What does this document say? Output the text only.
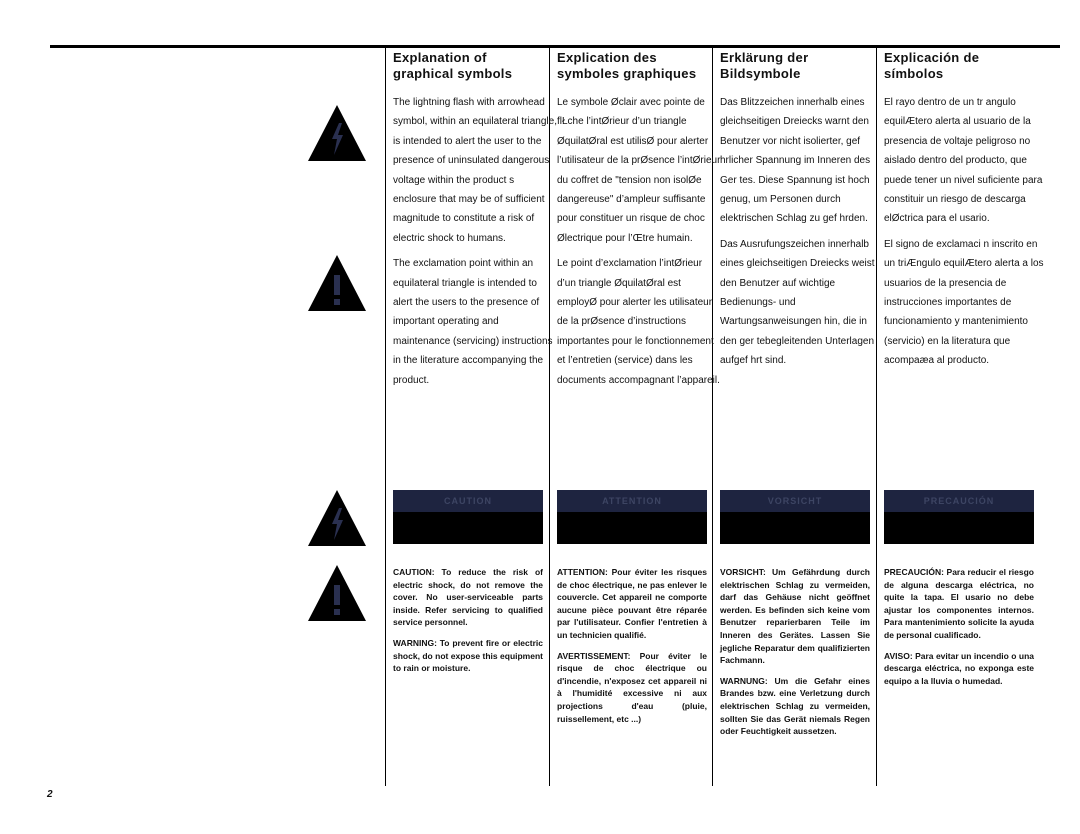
Explanation of
graphical symbols

The lightning flash with arrowhead symbol, within an equilateral triangle, is intended to alert the user to the presence of uninsulated dangerous voltage within the product s enclosure that may be of sufficient magnitude to constitute a risk of electric shock to humans.

The exclamation point within an equilateral triangle is intended to alert the users to the presence of important operating and maintenance (servicing) instructions in the literature accompanying the product.

CAUTION

CAUTION: To reduce the risk of electric shock, do not remove the cover. No user-serviceable parts inside. Refer servicing to qualified service personnel.

WARNING: To prevent fire or electric shock, do not expose this equipment to rain or moisture.

Explication des
symboles graphiques

Le symbole Øclair avec pointe de flŁche l’intØrieur d’un triangle ØquilatØral est utilisØ pour alerter l’utilisateur de la prØsence l’intØrieur du coffret de "tension non isolØe dangereuse" d’ampleur suffisante pour constituer un risque de choc Ølectrique pour l’Œtre humain.

Le point d’exclamation l’intØrieur d’un triangle ØquilatØral est employØ pour alerter les utilisateur de la prØsence d’instructions importantes pour le fonctionnement et l’entretien (service) dans les documents accompagnant l’appareil.

ATTENTION

ATTENTION: Pour éviter les risques de choc électrique, ne pas enlever le couvercle. Cet appareil ne comporte aucune pièce pouvant être réparée par l'utilisateur. Confier l'entretien à un technicien qualifié.

AVERTISSEMENT: Pour éviter le risque de choc électrique ou d'incendie, n'exposez cet appareil ni à l'humidité excessive ni aux projections d'eau (pluie, ruissellement, etc ...)

Erklärung der
Bildsymbole

Das Blitzzeichen innerhalb eines gleichseitigen Dreiecks warnt den Benutzer vor nicht isolierter, gef hrlicher Spannung im Inneren des Ger tes. Diese Spannung ist hoch genug, um Personen durch elektrischen Schlag zu gef hrden.

Das Ausrufungszeichen innerhalb eines gleichseitigen Dreiecks weist den Benutzer auf wichtige Bedienungs- und Wartungsanweisungen hin, die in den ger tebegleitenden Unterlagen aufgef hrt sind.

VORSICHT

VORSICHT: Um Gefährdung durch elektrischen Schlag zu vermeiden, darf das Gehäuse nicht geöffnet werden. Es befinden sich keine vom Benutzer reparierbaren Teile im Inneren des Gerätes. Lassen Sie jegliche Reparatur dem qualifizierten Fachmann.

WARNUNG: Um die Gefahr eines Brandes bzw. eine Verletzung durch elektrischen Schlag zu vermeiden, sollten Sie das Gerät niemals Regen oder Feuchtigkeit aussetzen.

Explicación de
símbolos

El rayo dentro de un tr angulo equilÆtero alerta al usuario de la presencia de voltaje peligroso no aislado dentro del producto, que puede tener un nivel suficiente para constituir un riesgo de descarga elØctrica para el usario.

El signo de exclamaci n inscrito en un triÆngulo equilÆtero alerta a los usuarios de la presencia de instrucciones importantes de funcionamiento y mantenimiento (servicio) en la literatura que acompaæa al producto.

PRECAUCIÓN

PRECAUCIÓN: Para reducir el riesgo de alguna descarga eléctrica, no quite la tapa. El usario no debe ajustar los componentes internos. Para mantenimiento solicite la ayuda de personal cualificado.

AVISO: Para evitar un incendio o una descarga eléctrica, no exponga este equipo a la lluvia o humedad.

2
